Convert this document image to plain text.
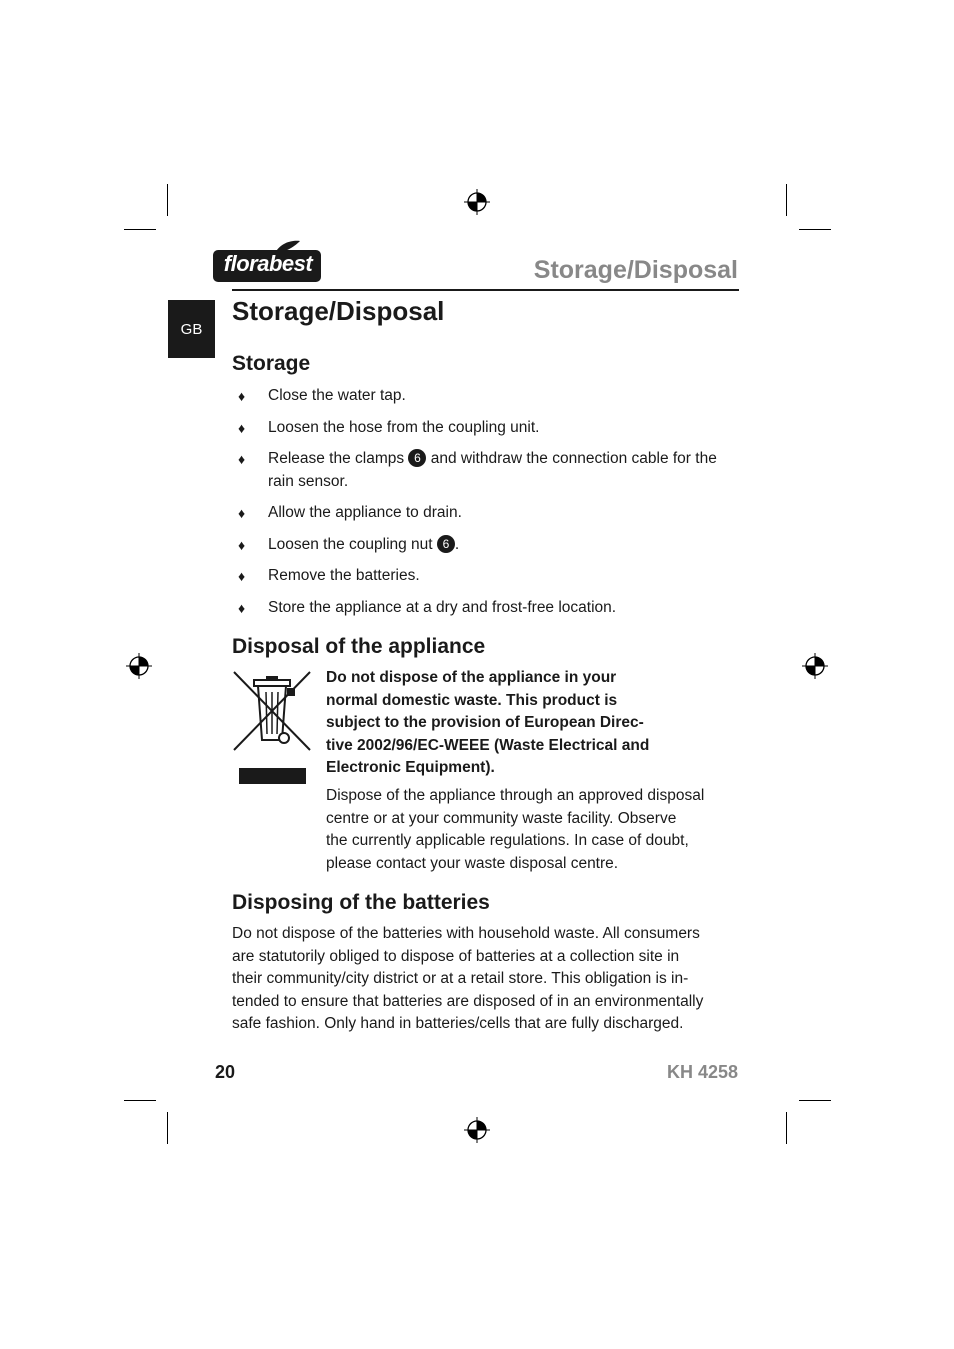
florabest	Storage/Disposal
GB
Storage/Disposal
Storage
♦ Close the water tap.
♦ Loosen the hose from the coupling unit.
♦ Release the clamps 6 and withdraw the connection cable for the rain sensor.
♦ Allow the appliance to drain.
♦ Loosen the coupling nut 6 .
♦ Remove the batteries.
♦ Store the appliance at a dry and frost-free location.
Disposal of the appliance
Do not dispose of the appliance in your
normal domestic waste. This product is
subject to the provision of European Direc-
tive 2002/96/EC-WEEE (Waste Electrical and
Electronic Equipment).
Dispose of the appliance through an approved disposal
centre or at your community waste facility. Observe
the currently applicable regulations. In case of doubt,
please contact your waste disposal centre.
Disposing of the batteries
Do not dispose of the batteries with household waste. All consumers
are statutorily obliged to dispose of batteries at a collection site in
their community/city district or at a retail store. This obligation is in-
tended to ensure that batteries are disposed of in an environmentally
safe fashion. Only hand in batteries/cells that are fully discharged.
20	KH 4258
